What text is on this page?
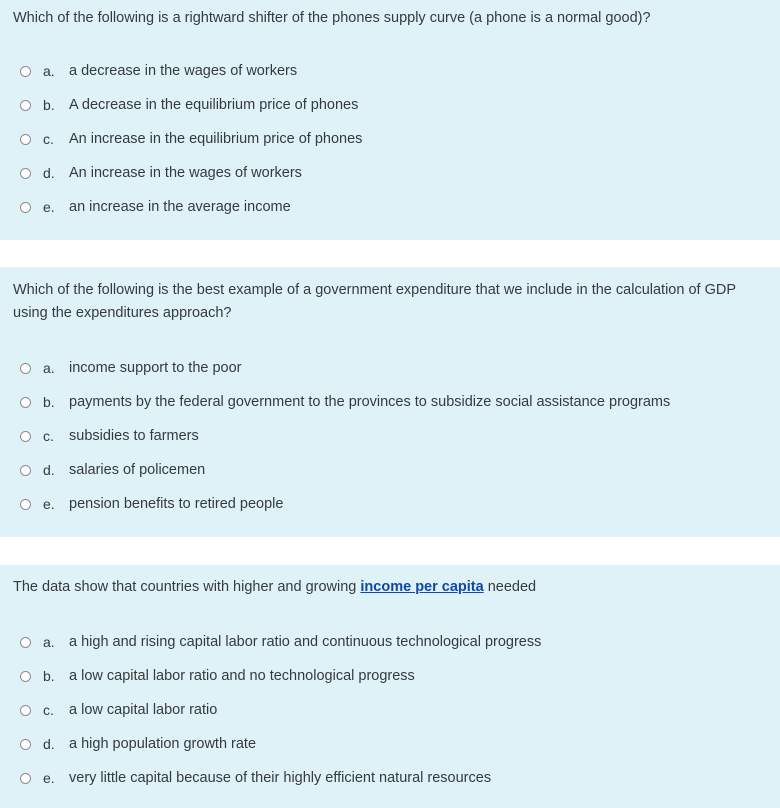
Which of the following is a rightward shifter of the phones supply curve (a phone is a normal good)?
a. a decrease in the wages of workers
b. A decrease in the equilibrium price of phones
c.	An increase in the equilibrium price of phones
d. An increase in the wages of workers
e. an increase in the average income
Which of the following is the best example of a government expenditure that we include in the calculation of GDP using the expenditures approach?
a. income support to the poor
b. payments by the federal government to the provinces to subsidize social assistance programs
c.	subsidies to farmers
d. salaries of policemen
e. pension benefits to retired people
The data show that countries with higher and growing income per capita needed
a. a high and rising capital labor ratio and continuous technological progress
b. a low capital labor ratio and no technological progress
c.	a low capital labor ratio
d. a high population growth rate
e. very little capital because of their highly efficient natural resources
